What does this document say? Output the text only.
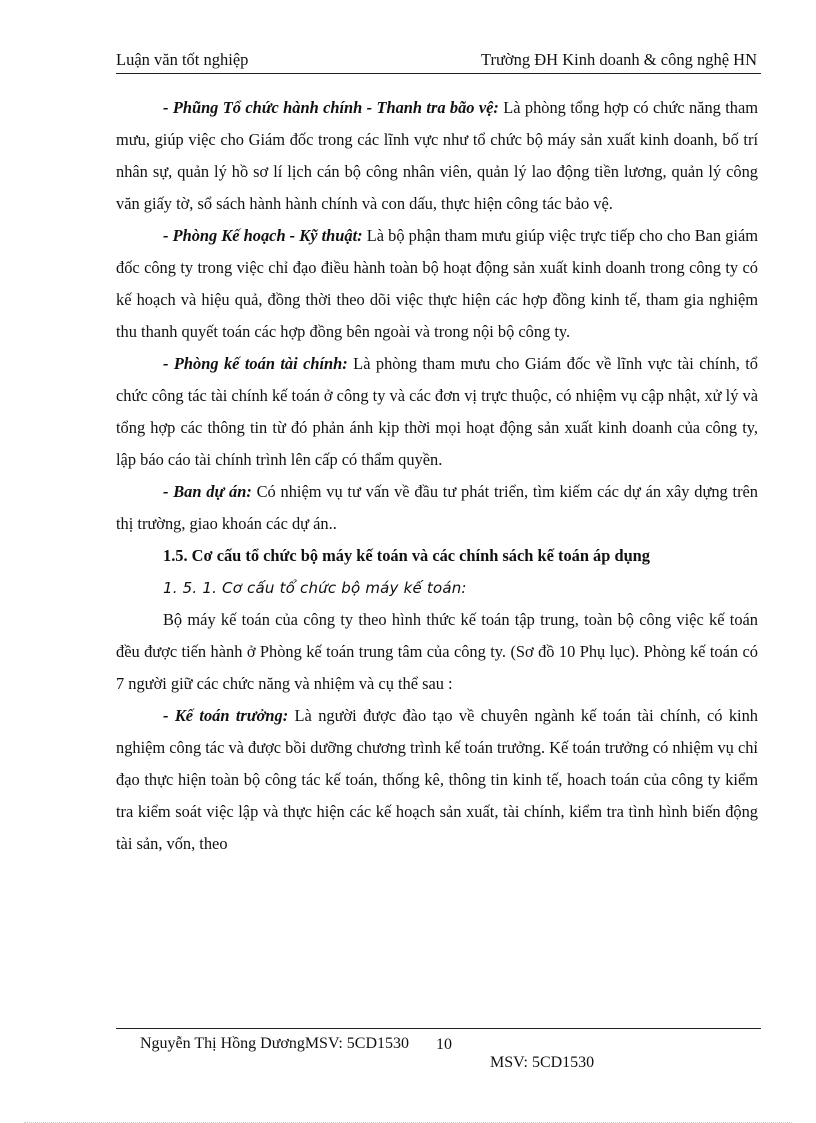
Luận văn tốt nghiệp	Trường ĐH Kinh doanh & công nghệ HN

- Phũng Tổ chức hành chính - Thanh tra bão vệ: Là phòng tổng hợp có chức năng tham mưu, giúp việc cho Giám đốc trong các lĩnh vực như tổ chức bộ máy sản xuất kinh doanh, bố trí nhân sự, quản lý hồ sơ lí lịch cán bộ công nhân viên, quản lý lao động tiền lương, quản lý công văn giấy tờ, sổ sách hành hành chính và con dấu, thực hiện công tác bảo vệ.

- Phòng Kế hoạch - Kỹ thuật: Là bộ phận tham mưu giúp việc trực tiếp cho cho Ban giám đốc công ty trong việc chỉ đạo điều hành toàn bộ hoạt động sản xuất kinh doanh trong công ty có kế hoạch và hiệu quả, đồng thời theo dõi việc thực hiện các hợp đồng kinh tế, tham gia nghiệm thu thanh quyết toán các hợp đồng bên ngoài và trong nội bộ công ty.

- Phòng kế toán tài chính: Là phòng tham mưu cho Giám đốc về lĩnh vực tài chính, tổ chức công tác tài chính kế toán ở công ty và các đơn vị trực thuộc, có nhiệm vụ cập nhật, xử lý và tổng hợp các thông tin từ đó phản ánh kịp thời mọi hoạt động sản xuất kinh doanh của công ty, lập báo cáo tài chính trình lên cấp có thẩm quyền.

- Ban dự án: Có nhiệm vụ tư vấn về đầu tư phát triển, tìm kiếm các dự án xây dựng trên thị trường, giao khoán các dự án..

1.5. Cơ cấu tổ chức bộ máy kế toán và các chính sách kế toán áp dụng

1. 5. 1. Cơ cấu tổ chức bộ máy kế toán:

Bộ máy kế toán của công ty theo hình thức kế toán tập trung, toàn bộ công việc kế toán đều được tiến hành ở Phòng kế toán trung tâm của công ty. (Sơ đồ 10 Phụ lục). Phòng kế toán có 7 người giữ các chức năng và nhiệm và cụ thể sau :

- Kế toán trưởng: Là người được đào tạo về chuyên ngành kế toán tài chính, có kinh nghiệm công tác và được bồi dưỡng chương trình kế toán trưởng. Kế toán trưởng có nhiệm vụ chỉ đạo thực hiện toàn bộ công tác kế toán, thống kê, thông tin kinh tế, hoach toán của công ty kiểm tra kiểm soát việc lập và thực hiện các kế hoạch sản xuất, tài chính, kiểm tra tình hình biến động tài sản, vốn, theo

Nguyễn Thị Hồng DươngMSV: 5CD1530 10
MSV: 5CD1530
